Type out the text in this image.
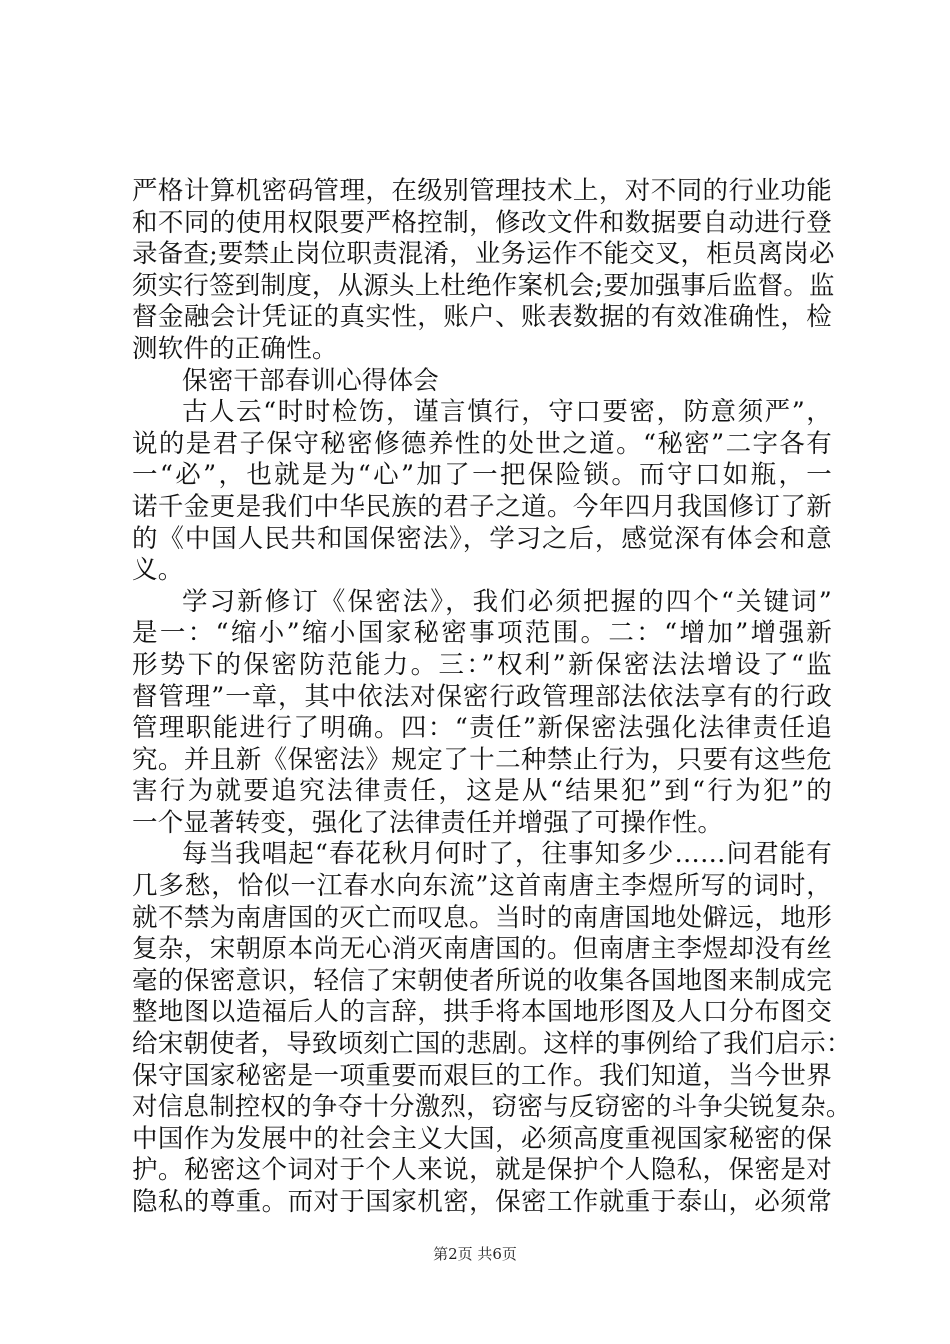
严格计算机密码管理，在级别管理技术上，对不同的行业功能
和不同的使用权限要严格控制，修改文件和数据要自动进行登
录备查;要禁止岗位职责混淆，业务运作不能交叉，柜员离岗必
须实行签到制度，从源头上杜绝作案机会;要加强事后监督。监
督金融会计凭证的真实性，账户、账表数据的有效准确性，检
测软件的正确性。
保密干部春训心得体会
古人云“时时检饬，谨言慎行，守口要密，防意须严”，
说的是君子保守秘密修德养性的处世之道。“秘密”二字各有
一“必”，也就是为“心”加了一把保险锁。而守口如瓶，一
诺千金更是我们中华民族的君子之道。今年四月我国修订了新
的《中国人民共和国保密法》，学习之后，感觉深有体会和意
义。
学习新修订《保密法》，我们必须把握的四个“关键词”
是一：“缩小”缩小国家秘密事项范围。二：“增加”增强新
形势下的保密防范能力。三：”权利”新保密法法增设了“监
督管理”一章，其中依法对保密行政管理部法依法享有的行政
管理职能进行了明确。四：“责任”新保密法强化法律责任追
究。并且新《保密法》规定了十二种禁止行为，只要有这些危
害行为就要追究法律责任，这是从“结果犯”到“行为犯”的
一个显著转变，强化了法律责任并增强了可操作性。
每当我唱起“春花秋月何时了，往事知多少……问君能有
几多愁，恰似一江春水向东流”这首南唐主李煜所写的词时，
就不禁为南唐国的灭亡而叹息。当时的南唐国地处僻远，地形
复杂，宋朝原本尚无心消灭南唐国的。但南唐主李煜却没有丝
毫的保密意识，轻信了宋朝使者所说的收集各国地图来制成完
整地图以造福后人的言辞，拱手将本国地形图及人口分布图交
给宋朝使者，导致顷刻亡国的悲剧。这样的事例给了我们启示：
保守国家秘密是一项重要而艰巨的工作。我们知道，当今世界
对信息制控权的争夺十分激烈，窃密与反窃密的斗争尖锐复杂。
中国作为发展中的社会主义大国，必须高度重视国家秘密的保
护。秘密这个词对于个人来说，就是保护个人隐私，保密是对
隐私的尊重。而对于国家机密，保密工作就重于泰山，必须常
第2页 共6页
